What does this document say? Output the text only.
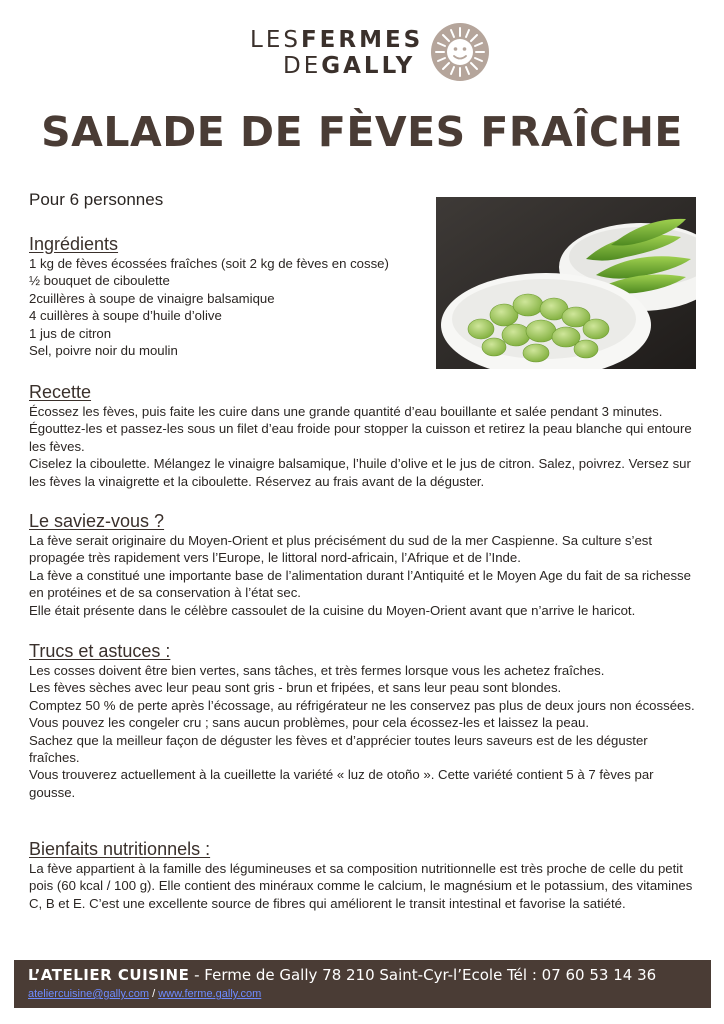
LESFERMES
DEGALLY
SALADE DE FÈVES FRAÎCHE
Pour 6 personnes
Ingrédients

1 kg de fèves écossées fraîches (soit 2 kg de fèves en cosse)

½ bouquet de ciboulette

2cuillères à soupe de vinaigre balsamique

4 cuillères à soupe d’huile d’olive

1 jus de citron

Sel, poivre noir du moulin

Recette

Écossez les fèves, puis faite les cuire dans une grande quantité d’eau bouillante et salée pendant 3 minutes. Égouttez-les et passez-les sous un filet d’eau froide pour stopper la cuisson et retirez la peau blanche qui entoure les fèves.

Ciselez la ciboulette. Mélangez le vinaigre balsamique, l’huile d’olive et le jus de citron. Salez, poivrez. Versez sur les fèves la vinaigrette et la ciboulette. Réservez au frais avant de la déguster.

Le saviez-vous ?

La fève serait originaire du Moyen-Orient et plus précisément du sud de la mer Caspienne. Sa culture s’est propagée très rapidement vers l’Europe, le littoral nord-africain, l’Afrique et de l’Inde.

La fève a constitué une importante base de l’alimentation durant l’Antiquité et le Moyen Age du fait de sa richesse en protéines et de sa conservation à l’état sec.

Elle était présente dans le célèbre cassoulet de la cuisine du Moyen-Orient avant que n’arrive le haricot.

Trucs et astuces :

Les cosses doivent être bien vertes, sans tâches, et très fermes lorsque vous les achetez fraîches.

Les fèves sèches avec leur peau sont gris - brun et fripées, et sans leur peau sont blondes.

Comptez 50 % de perte après l’écossage, au réfrigérateur ne les conservez pas plus de deux jours non écossées. Vous pouvez les congeler cru ; sans aucun problèmes, pour cela écossez-les et laissez la peau.

Sachez que la meilleur façon de déguster les fèves et d’apprécier toutes leurs saveurs est de les déguster fraîches.

Vous trouverez actuellement à la cueillette la variété « luz de otoño ». Cette variété contient 5 à 7 fèves par gousse.

Bienfaits nutritionnels :

La fève appartient à la famille des légumineuses et sa composition nutritionnelle est très proche de celle du petit pois (60 kcal / 100 g). Elle contient des minéraux comme le calcium, le magnésium et le potassium, des vitamines C, B et E. C’est une excellente source de fibres qui améliorent le transit intestinal et favorise la satiété.

L’ATELIER CUISINE - Ferme de Gally 78 210 Saint-Cyr-l’Ecole Tél : 07 60 53 14 36
ateliercuisine@gally.com / www.ferme.gally.com
